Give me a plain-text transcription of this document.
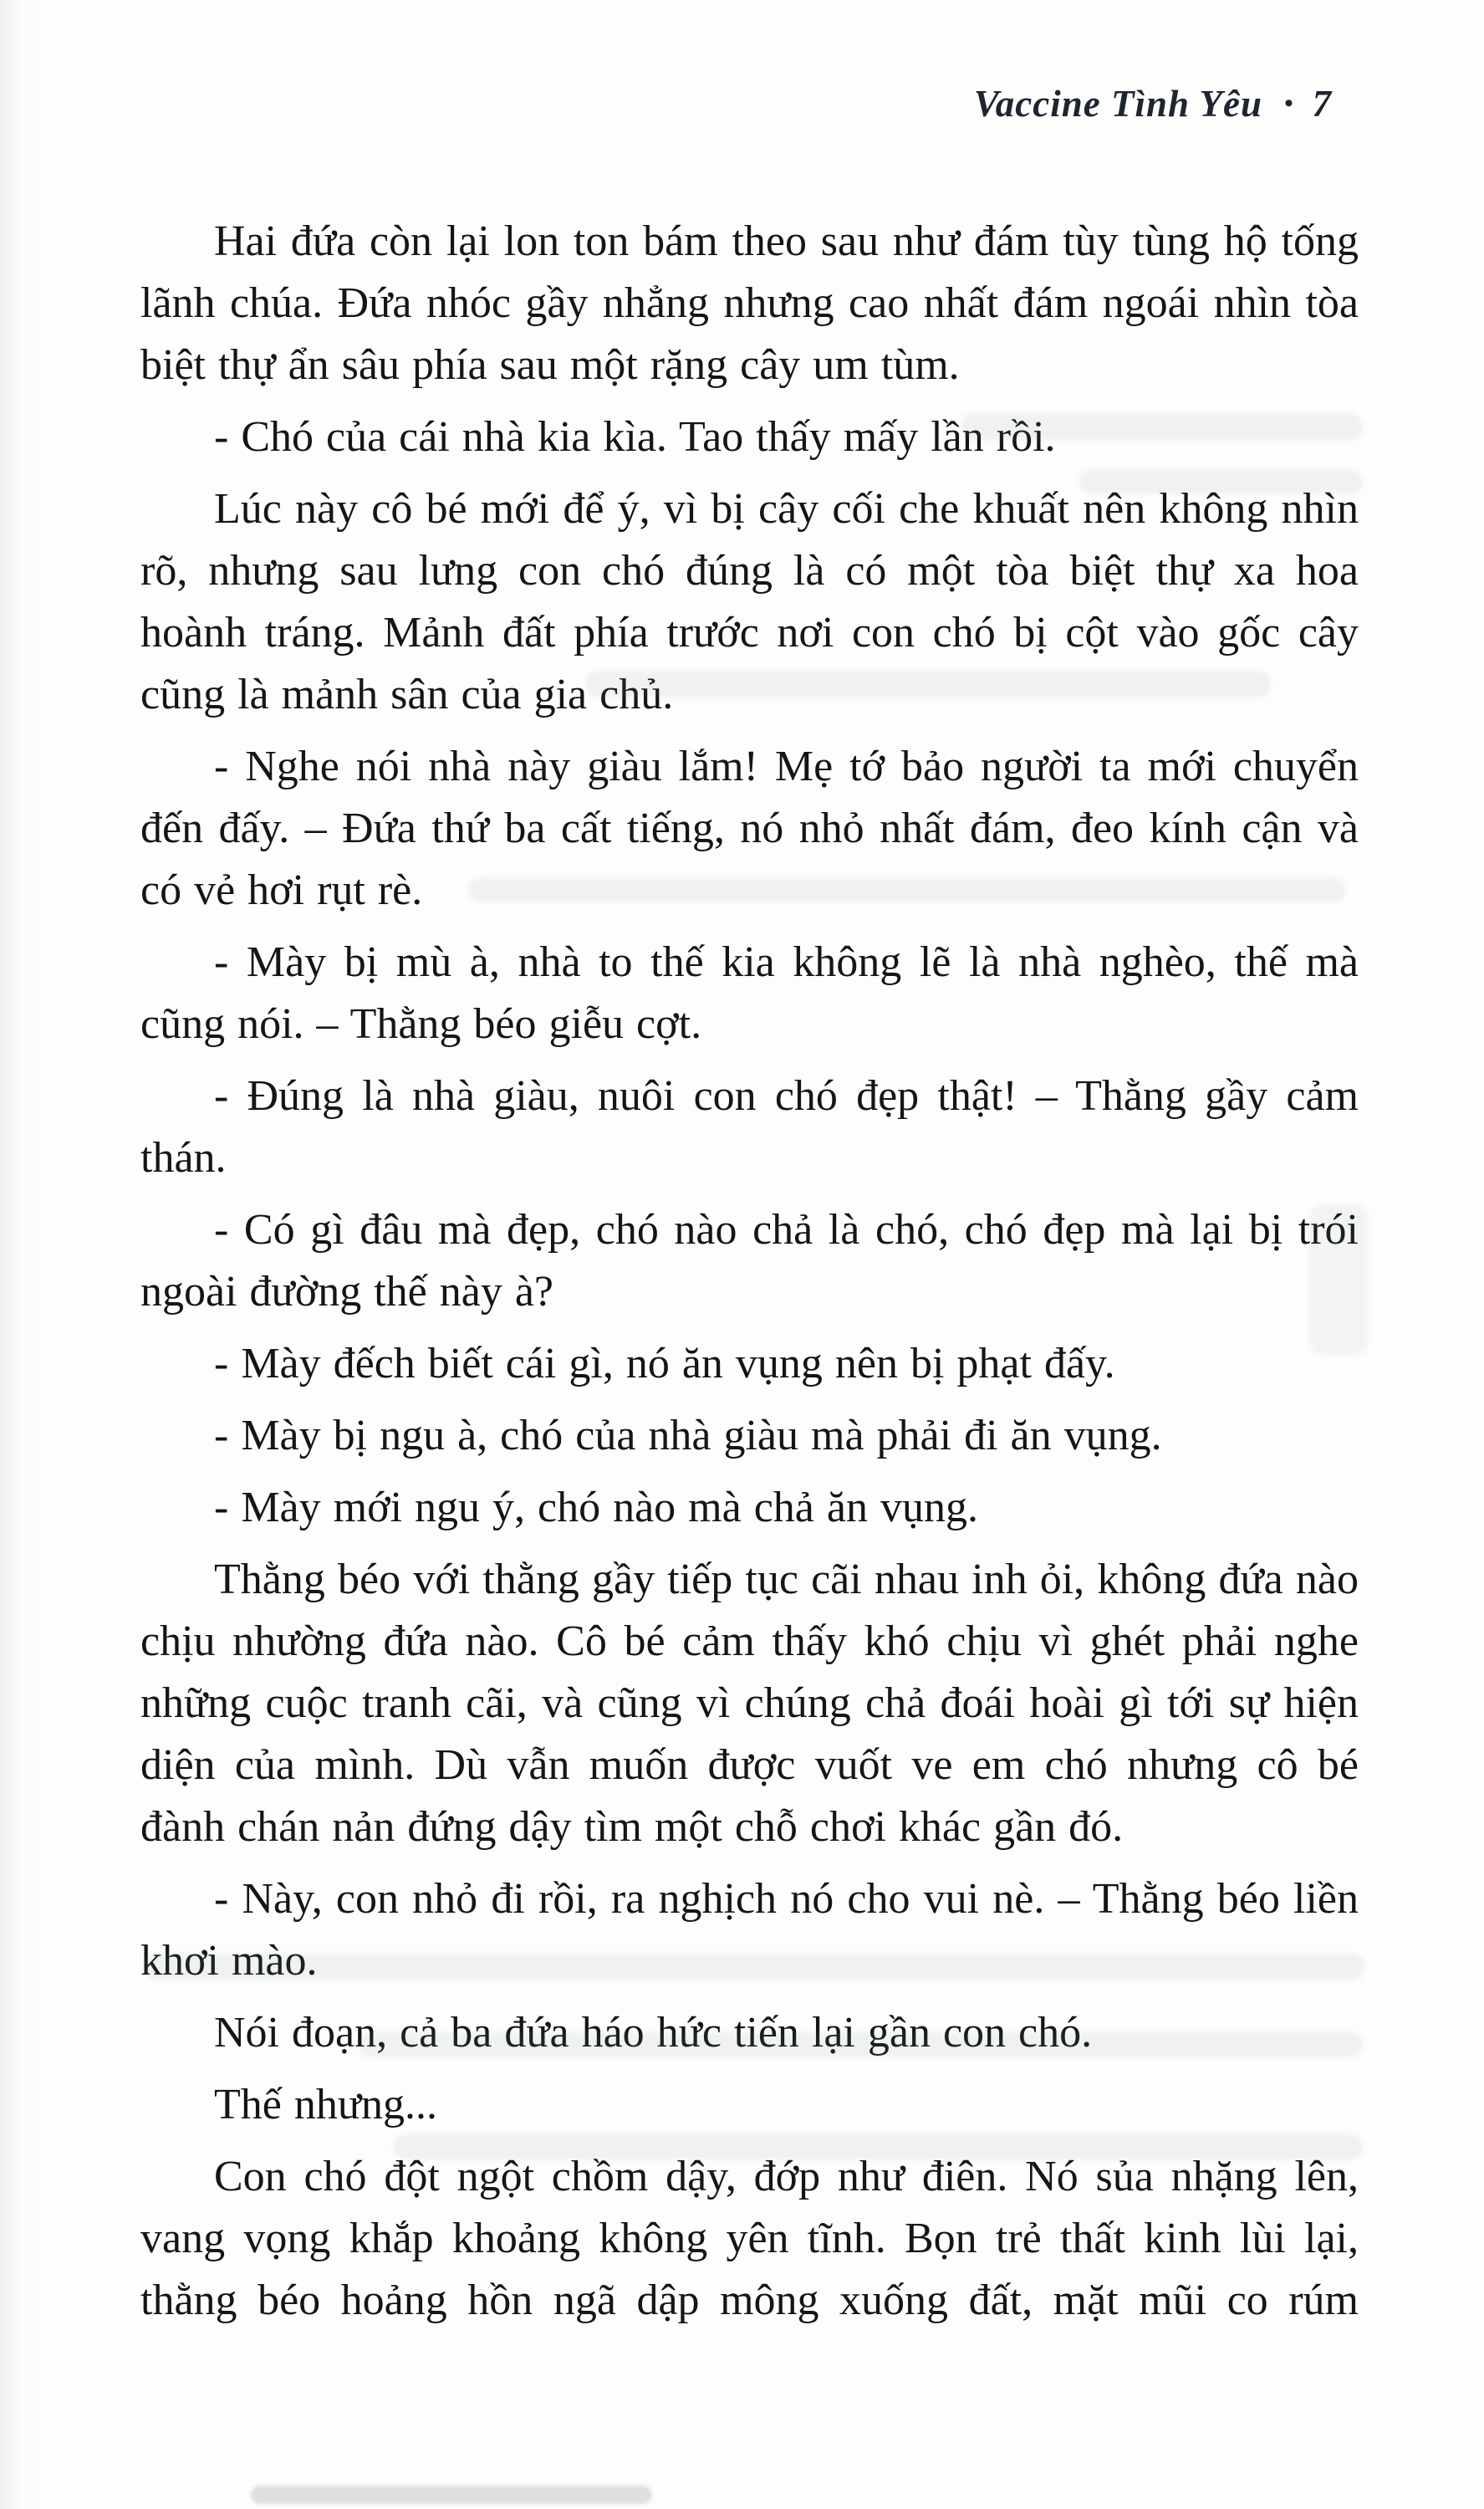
Vaccine Tình Yêu • 7

Hai đứa còn lại lon ton bám theo sau như đám tùy tùng hộ tống lãnh chúa. Đứa nhóc gầy nhẳng nhưng cao nhất đám ngoái nhìn tòa biệt thự ẩn sâu phía sau một rặng cây um tùm.

- Chó của cái nhà kia kìa. Tao thấy mấy lần rồi.

Lúc này cô bé mới để ý, vì bị cây cối che khuất nên không nhìn rõ, nhưng sau lưng con chó đúng là có một tòa biệt thự xa hoa hoành tráng. Mảnh đất phía trước nơi con chó bị cột vào gốc cây cũng là mảnh sân của gia chủ.

- Nghe nói nhà này giàu lắm! Mẹ tớ bảo người ta mới chuyển đến đấy. – Đứa thứ ba cất tiếng, nó nhỏ nhất đám, đeo kính cận và có vẻ hơi rụt rè.

- Mày bị mù à, nhà to thế kia không lẽ là nhà nghèo, thế mà cũng nói. – Thằng béo giễu cợt.

- Đúng là nhà giàu, nuôi con chó đẹp thật! – Thằng gầy cảm thán.

- Có gì đâu mà đẹp, chó nào chả là chó, chó đẹp mà lại bị trói ngoài đường thế này à?

- Mày đếch biết cái gì, nó ăn vụng nên bị phạt đấy.

- Mày bị ngu à, chó của nhà giàu mà phải đi ăn vụng.

- Mày mới ngu ý, chó nào mà chả ăn vụng.

Thằng béo với thằng gầy tiếp tục cãi nhau inh ỏi, không đứa nào chịu nhường đứa nào. Cô bé cảm thấy khó chịu vì ghét phải nghe những cuộc tranh cãi, và cũng vì chúng chả đoái hoài gì tới sự hiện diện của mình. Dù vẫn muốn được vuốt ve em chó nhưng cô bé đành chán nản đứng dậy tìm một chỗ chơi khác gần đó.

- Này, con nhỏ đi rồi, ra nghịch nó cho vui nè. – Thằng béo liền khơi mào.

Nói đoạn, cả ba đứa háo hức tiến lại gần con chó.

Thế nhưng...

Con chó đột ngột chồm dậy, đớp như điên. Nó sủa nhặng lên, vang vọng khắp khoảng không yên tĩnh. Bọn trẻ thất kinh lùi lại, thằng béo hoảng hồn ngã dập mông xuống đất, mặt mũi co rúm
